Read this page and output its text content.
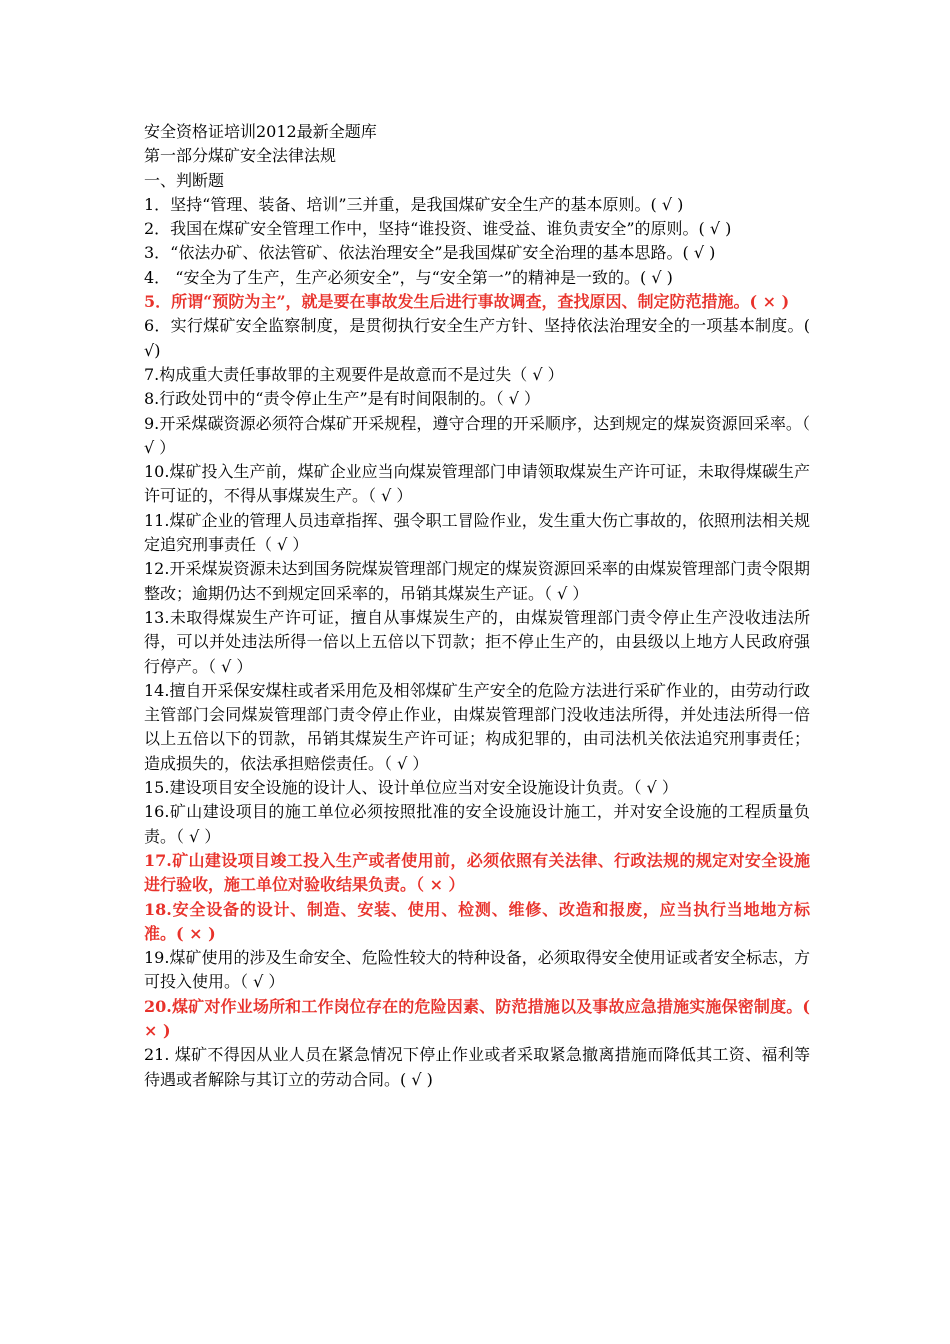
安全资格证培训2012最新全题库
第一部分煤矿安全法律法规
一、判断题
1．坚持“管理、装备、培训”三并重，是我国煤矿安全生产的基本原则。( √ )
2．我国在煤矿安全管理工作中，坚持“谁投资、谁受益、谁负责安全”的原则。( √ )
3．“依法办矿、依法管矿、依法治理安全”是我国煤矿安全治理的基本思路。( √ )
4． “安全为了生产，生产必须安全”，与“安全第一”的精神是一致的。( √ )
5．所谓“预防为主”，就是要在事故发生后进行事故调查，查找原因、制定防范措施。( × )
6．实行煤矿安全监察制度，是贯彻执行安全生产方针、坚持依法治理安全的一项基本制度。( √)
7.构成重大责任事故罪的主观要件是故意而不是过失（ √ ）
8.行政处罚中的“责令停止生产”是有时间限制的。（ √ ）
9.开采煤碳资源必须符合煤矿开采规程，遵守合理的开采顺序，达到规定的煤炭资源回采率。（ √ ）
10.煤矿投入生产前，煤矿企业应当向煤炭管理部门申请领取煤炭生产许可证，未取得煤碳生产许可证的，不得从事煤炭生产。（ √ ）
11.煤矿企业的管理人员违章指挥、强令职工冒险作业，发生重大伤亡事故的，依照刑法相关规定追究刑事责任（ √ ）
12.开采煤炭资源未达到国务院煤炭管理部门规定的煤炭资源回采率的由煤炭管理部门责令限期整改；逾期仍达不到规定回采率的，吊销其煤炭生产证。（ √ ）
13.未取得煤炭生产许可证，擅自从事煤炭生产的，由煤炭管理部门责令停止生产没收违法所得，可以并处违法所得一倍以上五倍以下罚款；拒不停止生产的，由县级以上地方人民政府强行停产。（ √ ）
14.擅自开采保安煤柱或者采用危及相邻煤矿生产安全的危险方法进行采矿作业的，由劳动行政主管部门会同煤炭管理部门责令停止作业，由煤炭管理部门没收违法所得，并处违法所得一倍以上五倍以下的罚款，吊销其煤炭生产许可证；构成犯罪的，由司法机关依法追究刑事责任；造成损失的，依法承担赔偿责任。（ √ ）
15.建设项目安全设施的设计人、设计单位应当对安全设施设计负责。（ √ ）
16.矿山建设项目的施工单位必须按照批准的安全设施设计施工，并对安全设施的工程质量负责。（ √ ）
17.矿山建设项目竣工投入生产或者使用前，必须依照有关法律、行政法规的规定对安全设施进行验收，施工单位对验收结果负责。（ × ）
18.安全设备的设计、制造、安装、使用、检测、维修、改造和报废，应当执行当地地方标准。( × )
19.煤矿使用的涉及生命安全、危险性较大的特种设备，必须取得安全使用证或者安全标志，方可投入使用。（ √ ）
20.煤矿对作业场所和工作岗位存在的危险因素、防范措施以及事故应急措施实施保密制度。( × )
21. 煤矿不得因从业人员在紧急情况下停止作业或者采取紧急撤离措施而降低其工资、福利等待遇或者解除与其订立的劳动合同。( √ )
